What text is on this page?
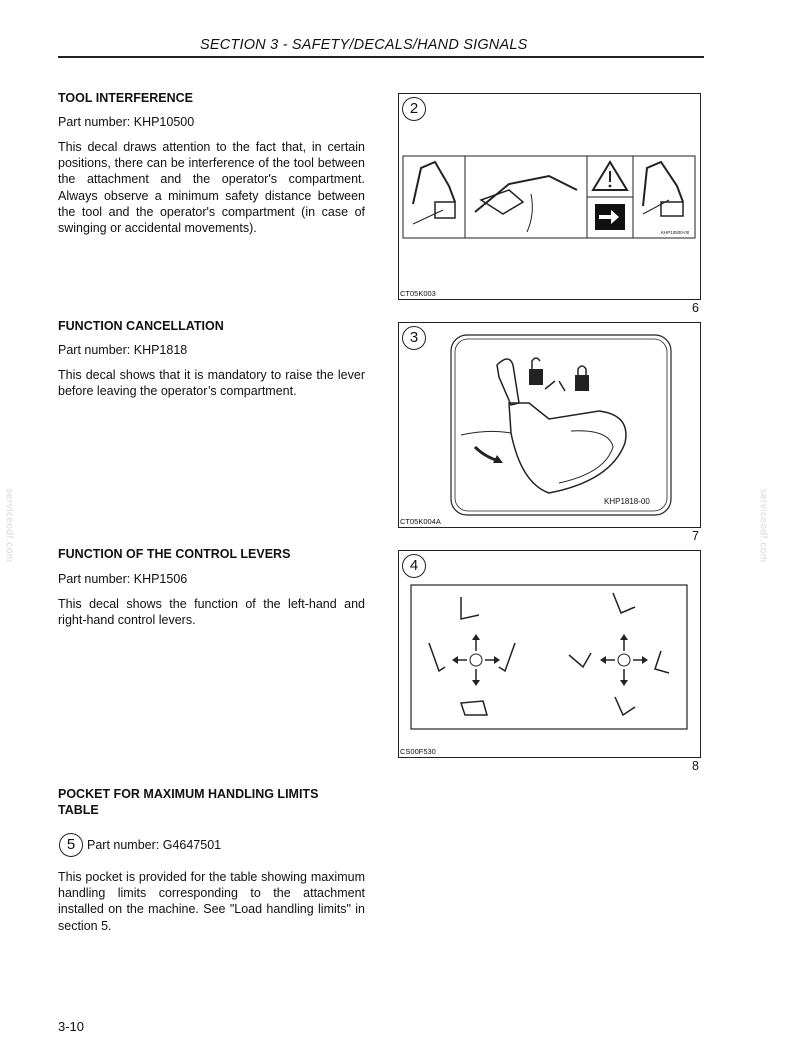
SECTION 3 - SAFETY/DECALS/HAND SIGNALS
TOOL INTERFERENCE
Part number: KHP10500
This decal draws attention to the fact that, in certain positions, there can be interference of the tool between the attachment and the operator's compartment. Always observe a minimum safety distance between the tool and the operator's compartment (in case of swinging or accidental movements).
2
KHP10500-00
CT05K003
6
FUNCTION CANCELLATION
Part number: KHP1818
This decal shows that it is mandatory to raise the lever before leaving the operator’s compartment.
3
KHP1818-00
CT05K004A
7
FUNCTION OF THE CONTROL LEVERS
Part number: KHP1506
This decal shows the function of the left-hand and right-hand control levers.
4
CS00F530
8
POCKET FOR MAXIMUM HANDLING LIMITS TABLE
5 Part number: G4647501
This pocket is provided for the table showing maximum handling limits corresponding to the attachment installed on the machine. See "Load handling limits" in section 5.
serviceodf.com	serviceodf.com
3-10
